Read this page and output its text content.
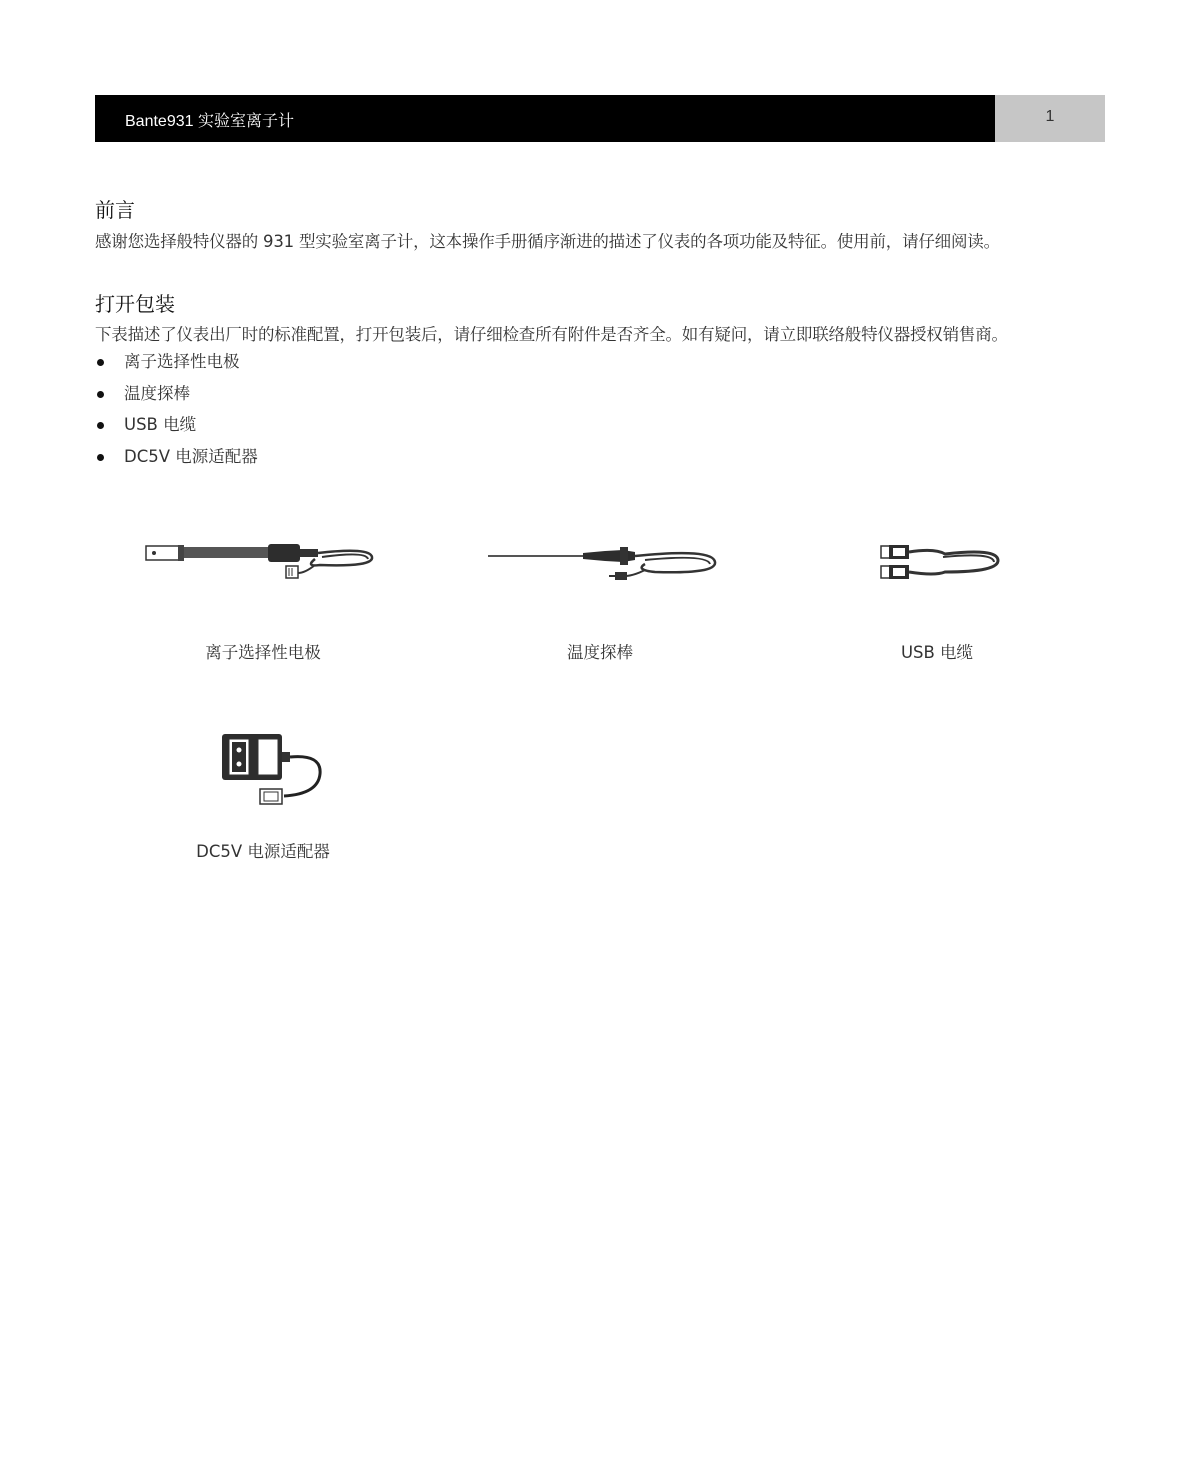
Bante931 实验室离子计	1
前言
感谢您选择般特仪器的 931 型实验室离子计，这本操作手册循序渐进的描述了仪表的各项功能及特征。使用前，请仔细阅读。
打开包装
下表描述了仪表出厂时的标准配置，打开包装后，请仔细检查所有附件是否齐全。如有疑问，请立即联络般特仪器授权销售商。
离子选择性电极
温度探棒
USB 电缆
DC5V 电源适配器
离子选择性电极	温度探棒	USB 电缆
DC5V 电源适配器
